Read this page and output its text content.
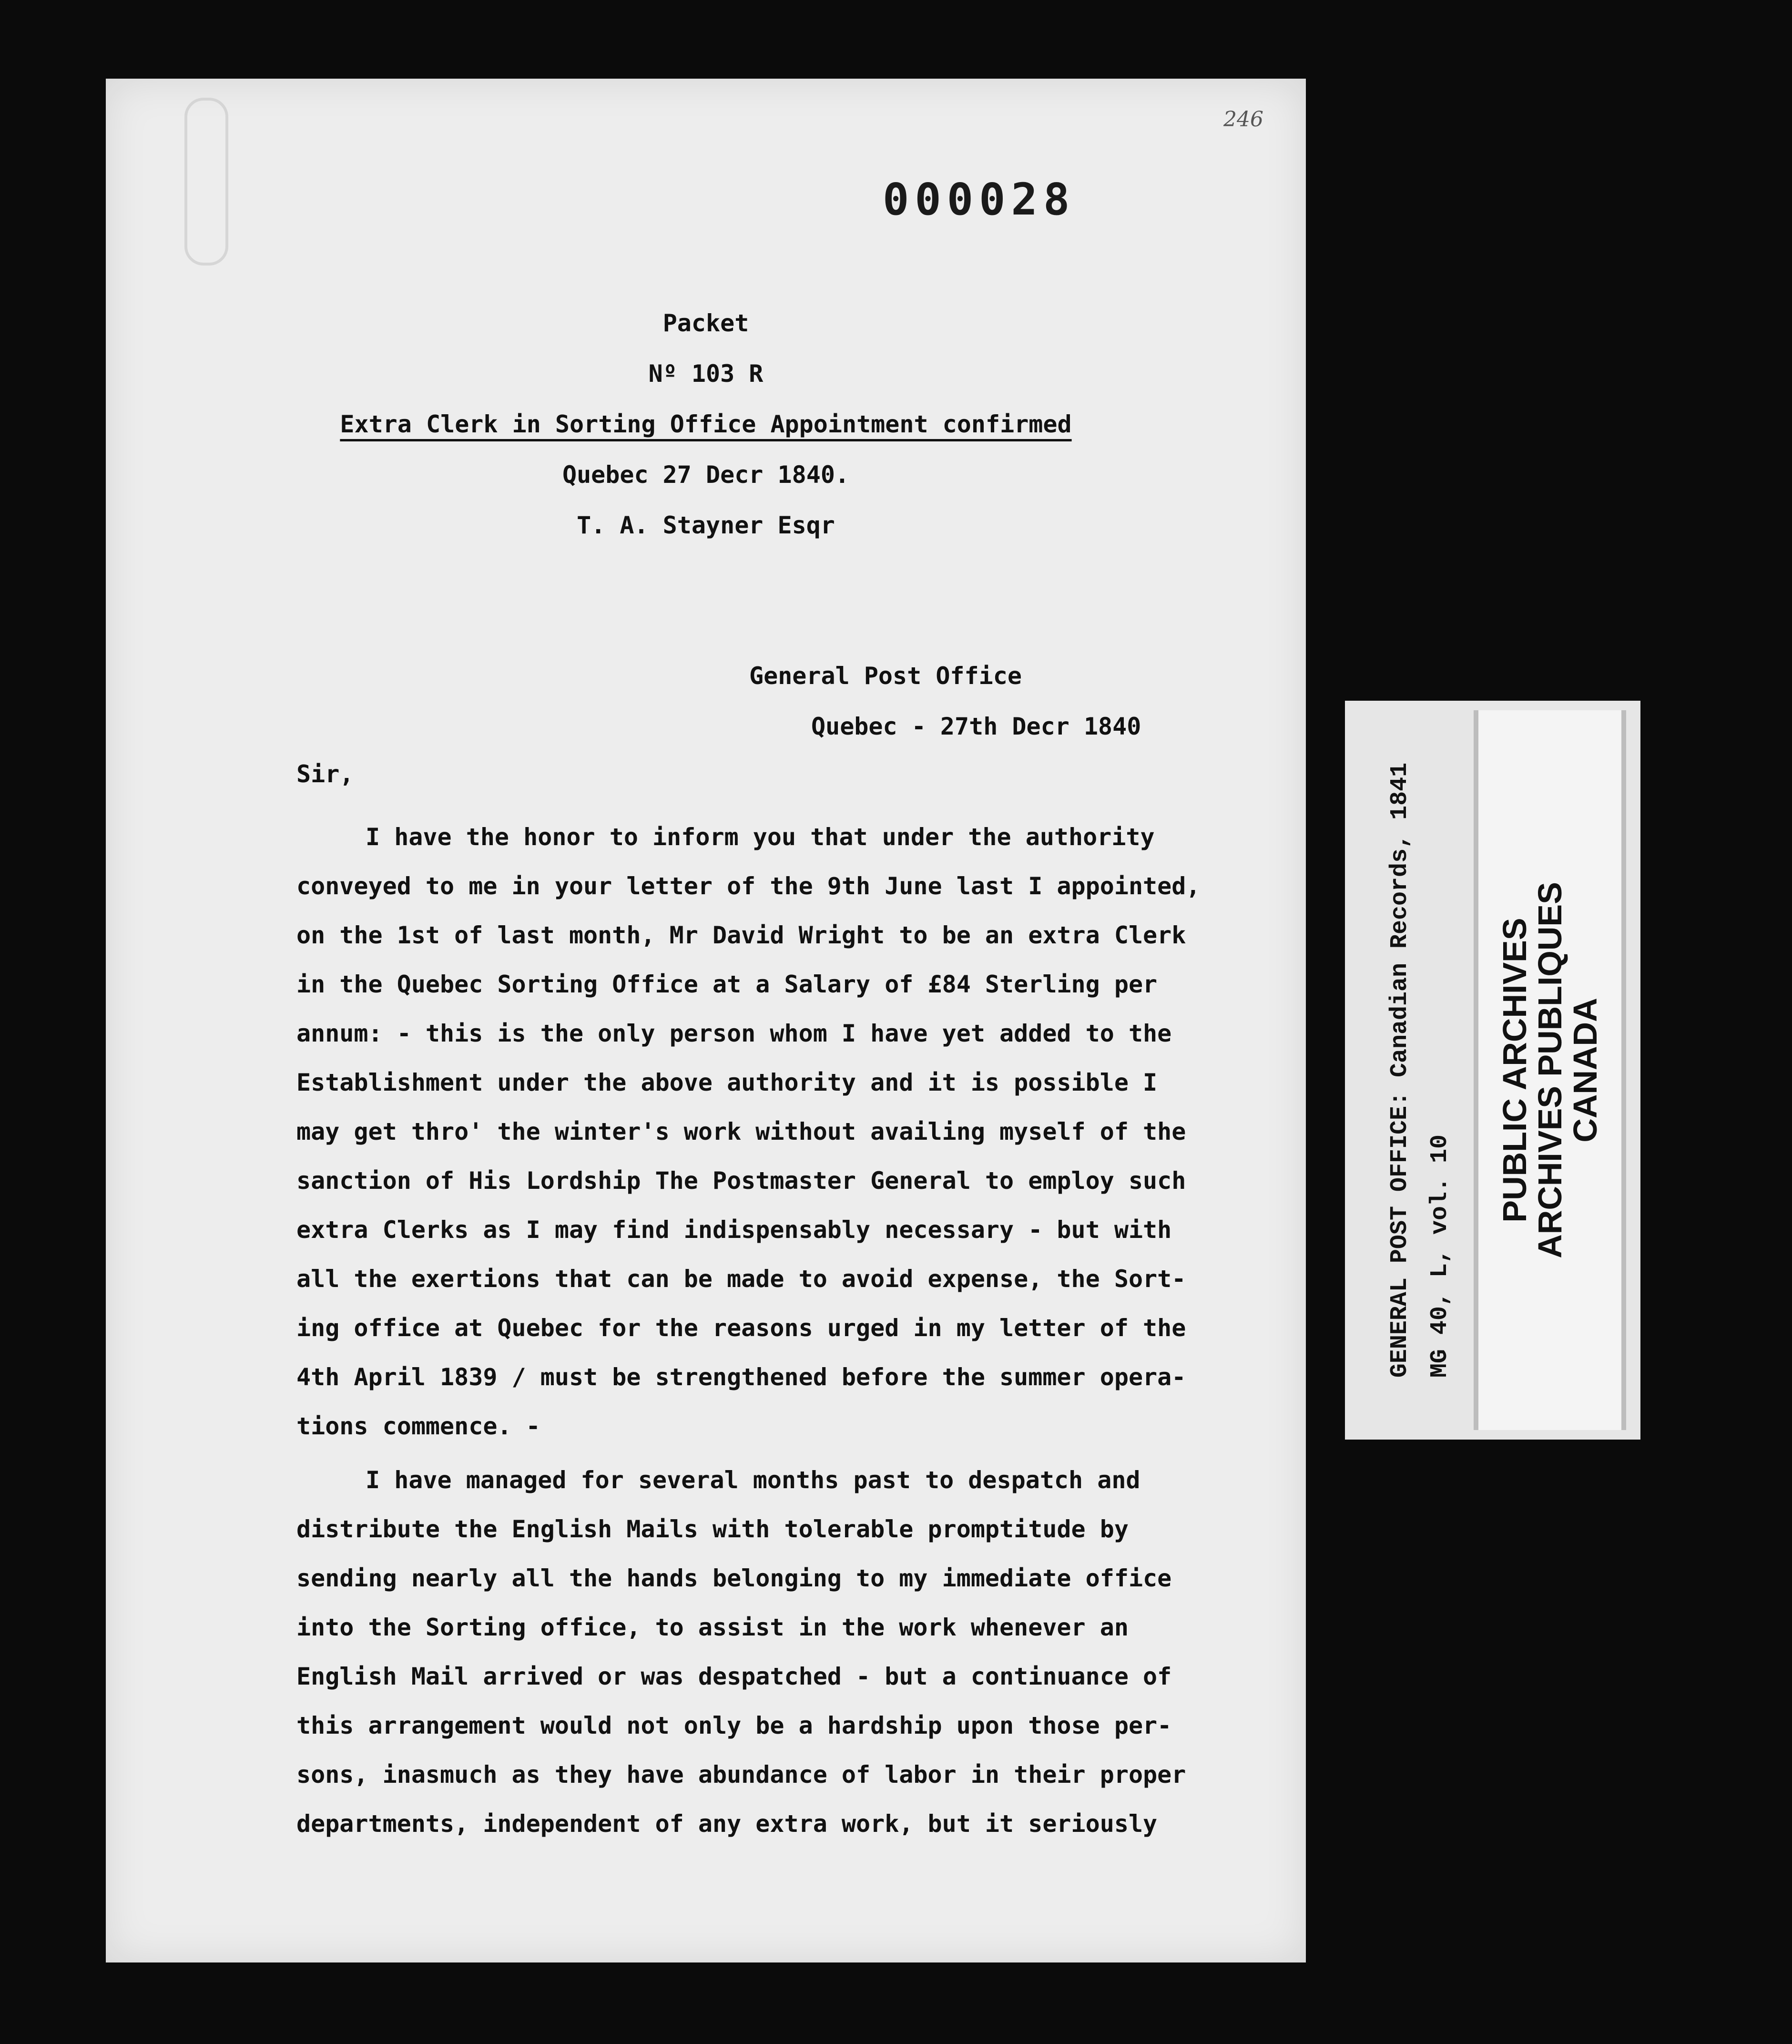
246
000028
Packet
Nº 103 R
Extra Clerk in Sorting Office Appointment confirmed
Quebec 27 Decr 1840.
T. A. Stayner Esqr
General Post Office
Quebec - 27th Decr 1840
Sir,
I have the honor to inform you that under the authority
conveyed to me in your letter of the 9th June last I appointed,
on the 1st of last month, Mr David Wright to be an extra Clerk
in the Quebec Sorting Office at a Salary of £84 Sterling per
annum: - this is the only person whom I have yet added to the
Establishment under the above authority and it is possible I
may get thro' the winter's work without availing myself of the
sanction of His Lordship The Postmaster General to employ such
extra Clerks as I may find indispensably necessary - but with
all the exertions that can be made to avoid expense, the Sort-
ing office at Quebec for the reasons urged in my letter of the
4th April 1839 / must be strengthened before the summer opera-
tions commence. -
I have managed for several months past to despatch and
distribute the English Mails with tolerable promptitude by
sending nearly all the hands belonging to my immediate office
into the Sorting office, to assist in the work whenever an
English Mail arrived or was despatched - but a continuance of
this arrangement would not only be a hardship upon those per-
sons, inasmuch as they have abundance of labor in their proper
departments, independent of any extra work, but it seriously
GENERAL POST OFFICE: Canadian Records, 1841 MG 40, L, vol. 10
PUBLIC ARCHIVES
ARCHIVES PUBLIQUES
CANADA
